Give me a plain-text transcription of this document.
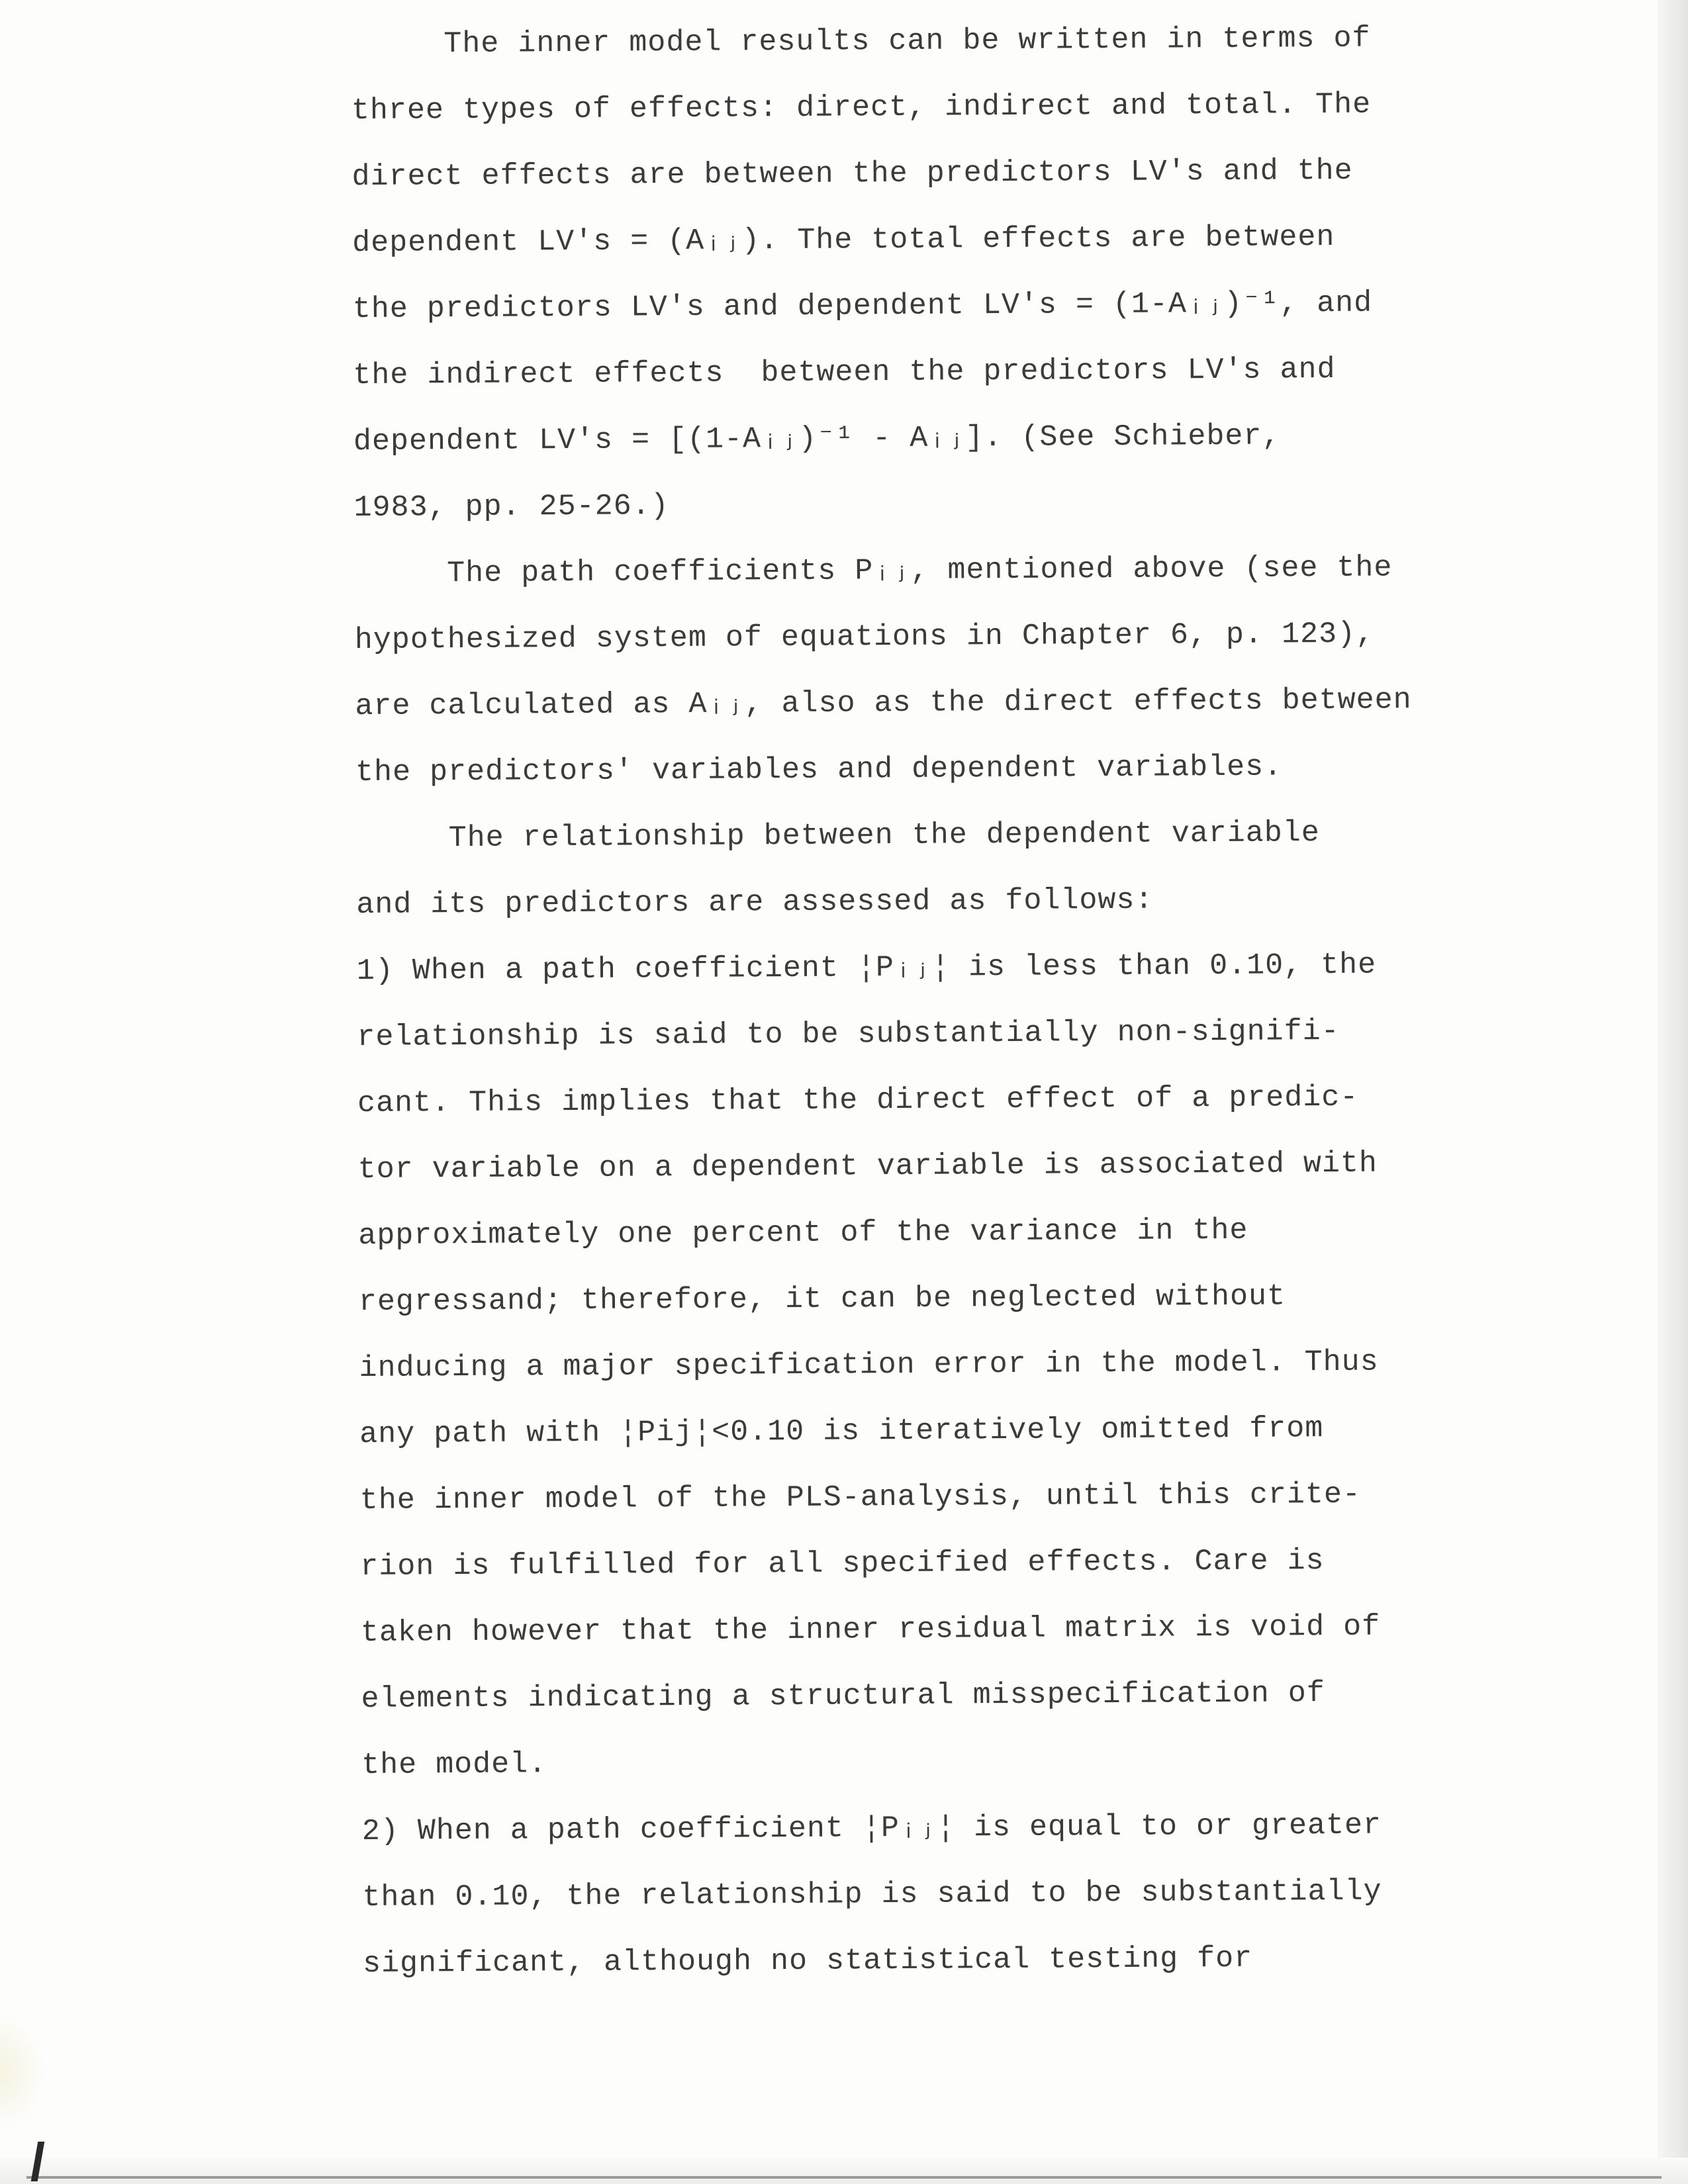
The inner model results can be written in terms of
three types of effects: direct, indirect and total. The
direct effects are between the predictors LV's and the
dependent LV's = (Aᵢⱼ). The total effects are between
the predictors LV's and dependent LV's = (1-Aᵢⱼ)⁻¹, and
the indirect effects  between the predictors LV's and
dependent LV's = [(1-Aᵢⱼ)⁻¹ - Aᵢⱼ]. (See Schieber,
1983, pp. 25-26.)
The path coefficients Pᵢⱼ, mentioned above (see the
hypothesized system of equations in Chapter 6, p. 123),
are calculated as Aᵢⱼ, also as the direct effects between
the predictors' variables and dependent variables.
The relationship between the dependent variable
and its predictors are assessed as follows:
1) When a path coefficient ¦Pᵢⱼ¦ is less than 0.10, the
relationship is said to be substantially non-signifi-
cant. This implies that the direct effect of a predic-
tor variable on a dependent variable is associated with
approximately one percent of the variance in the
regressand; therefore, it can be neglected without
inducing a major specification error in the model. Thus
any path with ¦Pij¦<0.10 is iteratively omitted from
the inner model of the PLS-analysis, until this crite-
rion is fulfilled for all specified effects. Care is
taken however that the inner residual matrix is void of
elements indicating a structural misspecification of
the model.
2) When a path coefficient ¦Pᵢⱼ¦ is equal to or greater
than 0.10, the relationship is said to be substantially
significant, although no statistical testing for
